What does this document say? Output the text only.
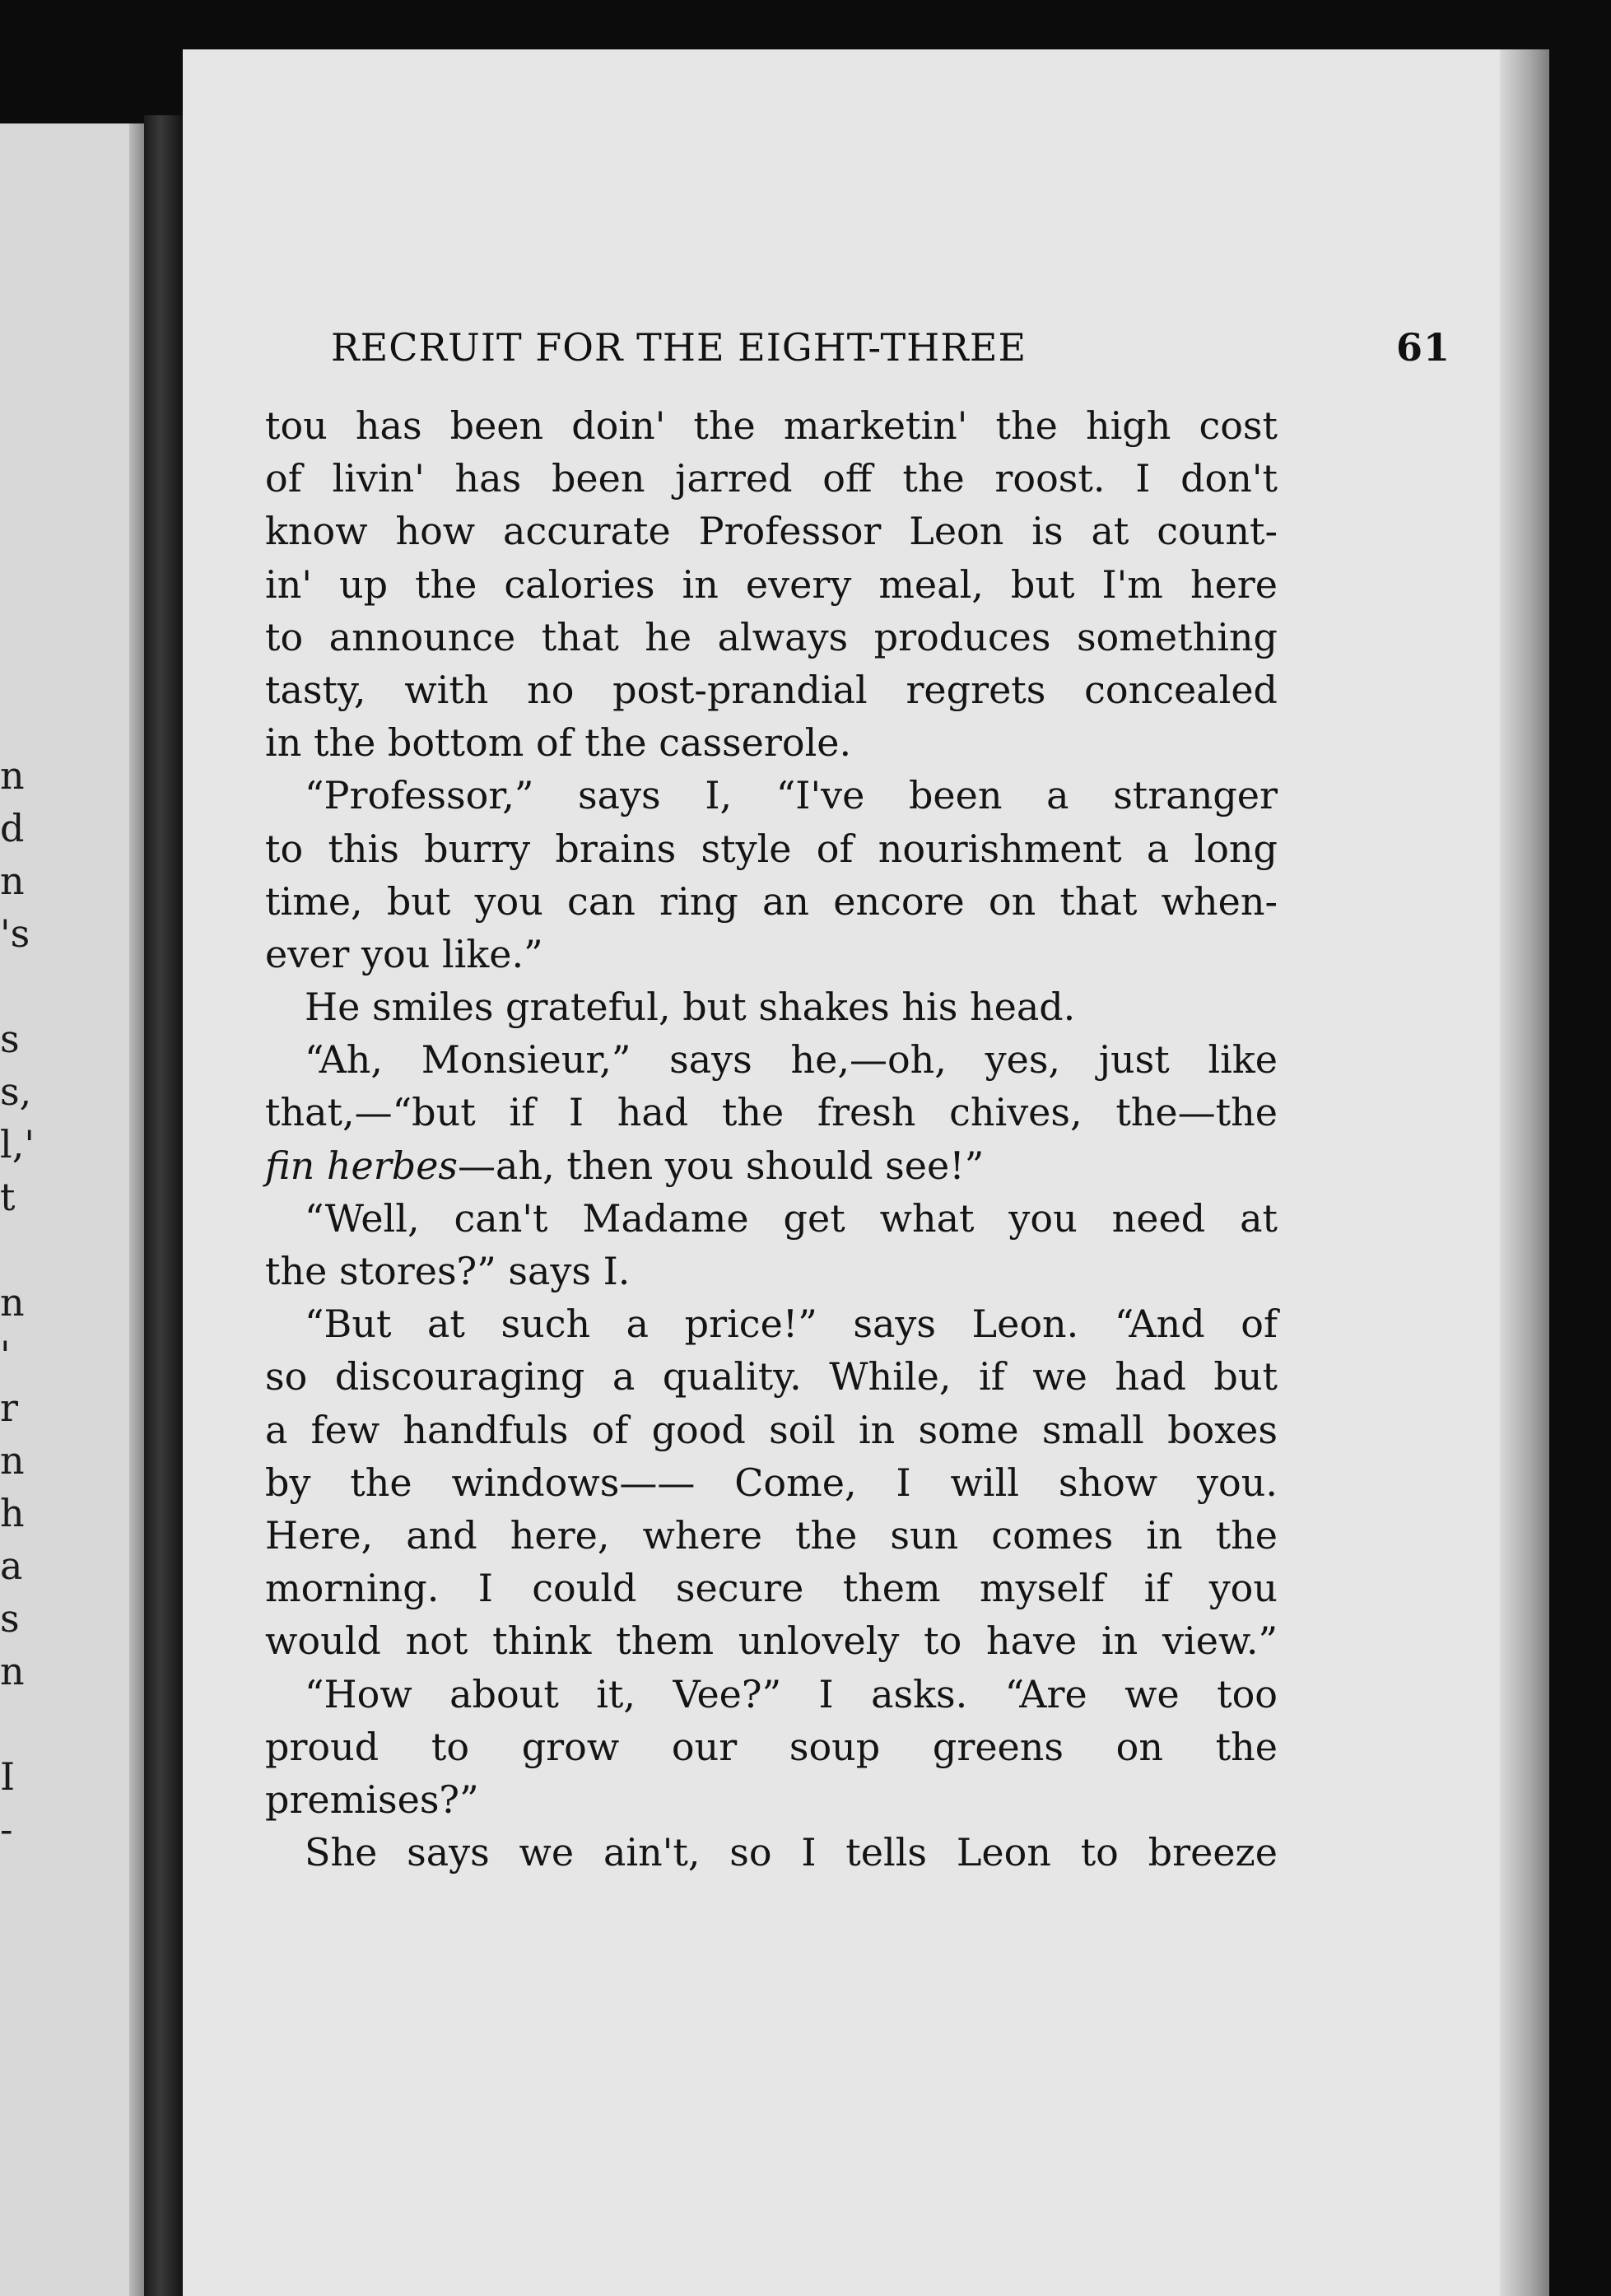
n
d
n
's
s
s,
l,'
t
n
'
r
n
h
a
s
n
I
-
RECRUIT FOR THE EIGHT-THREE	61
tou has been doin' the marketin' the high cost
of livin' has been jarred off the roost. I don't
know how accurate Professor Leon is at count-
in' up the calories in every meal, but I'm here
to announce that he always produces something
tasty, with no post-prandial regrets concealed
in the bottom of the casserole.
“Professor,” says I, “I've been a stranger
to this burry brains style of nourishment a long
time, but you can ring an encore on that when-
ever you like.”
He smiles grateful, but shakes his head.
“Ah, Monsieur,” says he,—oh, yes, just like
that,—“but if I had the fresh chives, the—the
fin herbes—ah, then you should see!”
“Well, can't Madame get what you need at
the stores?” says I.
“But at such a price!” says Leon. “And of
so discouraging a quality. While, if we had but
a few handfuls of good soil in some small boxes
by the windows—— Come, I will show you.
Here, and here, where the sun comes in the
morning. I could secure them myself if you
would not think them unlovely to have in view.”
“How about it, Vee?” I asks. “Are we too
proud to grow our soup greens on the
premises?”
She says we ain't, so I tells Leon to breeze
